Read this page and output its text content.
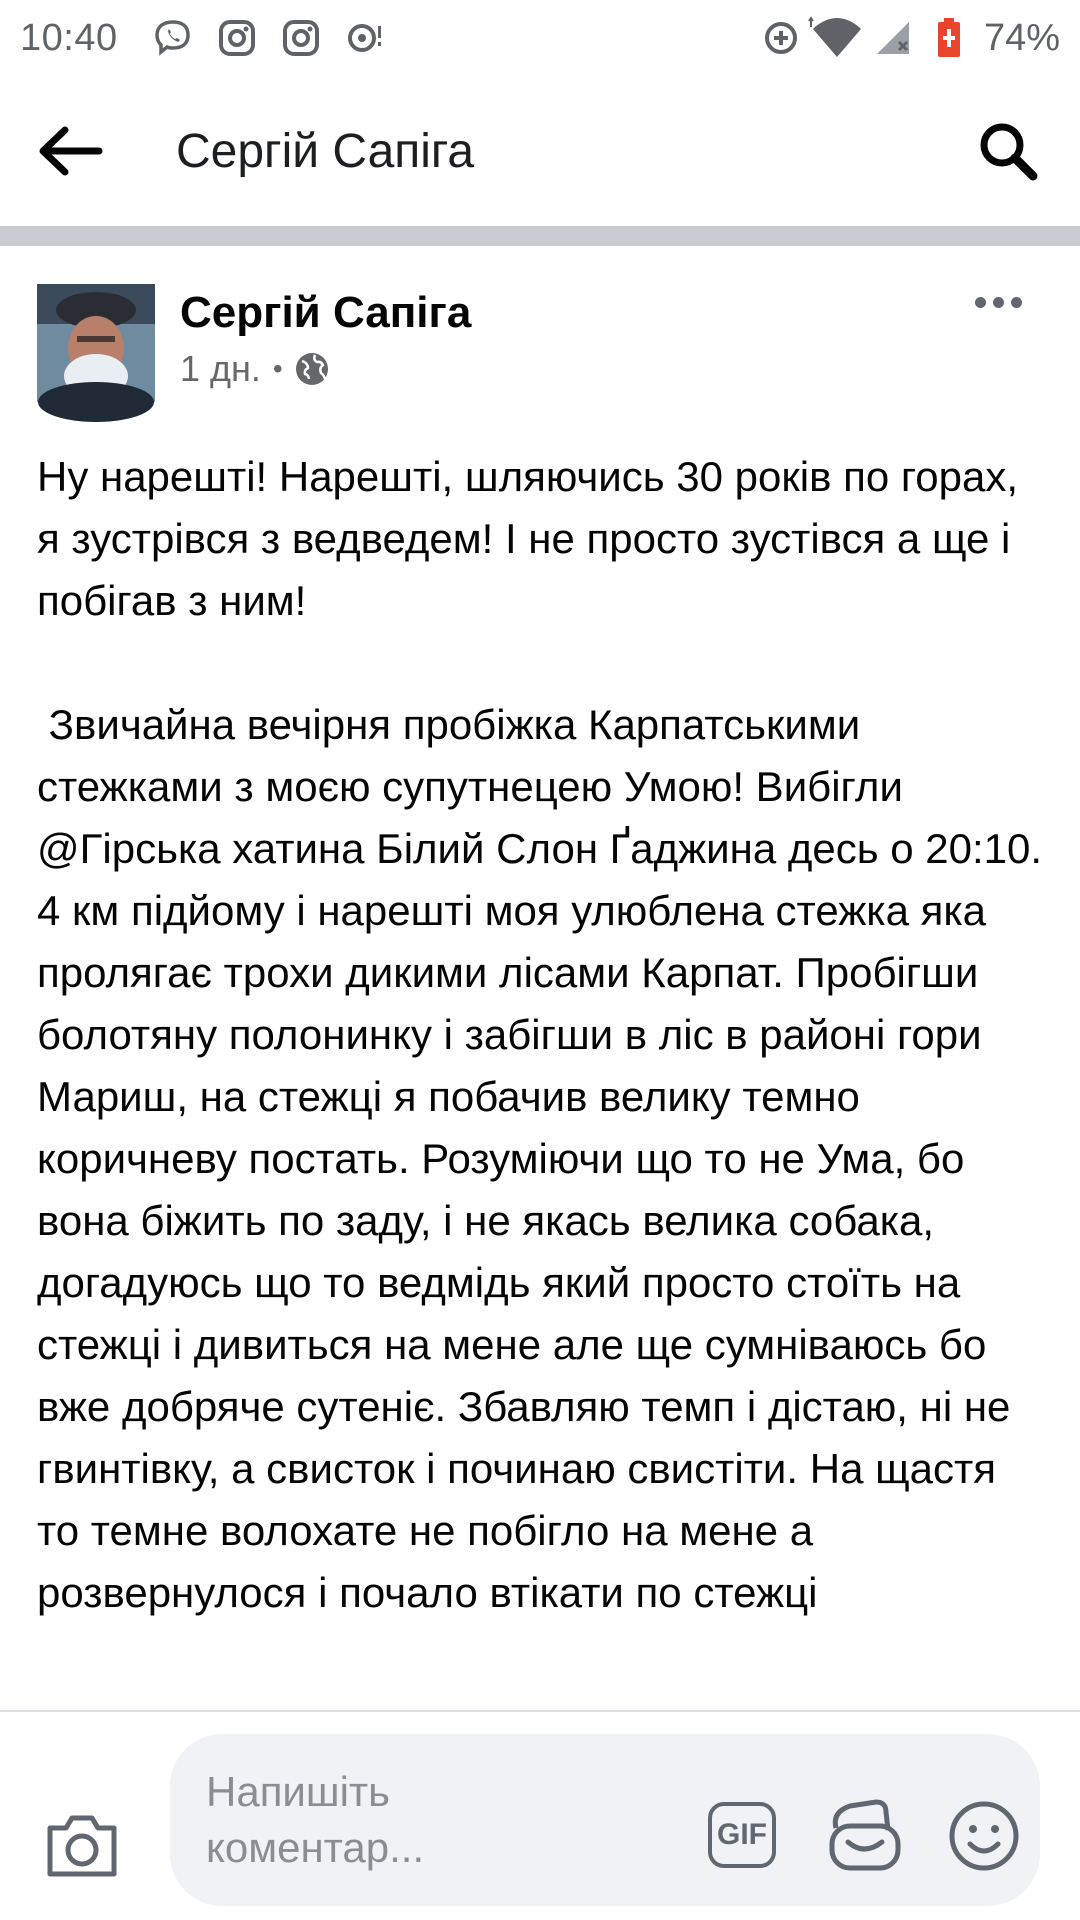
10:40	74%
Сергій Сапіга
Сергій Сапіга
1 дн. •

Ну нарешті! Нарешті, шляючись 30 років по горах, я зустрівся з ведведем! І не просто зустівся а ще і побігав з ним!

Звичайна вечірня пробіжка Карпатськими стежками з моєю супутнецею Умою! Вибігли @Гірська хатина Білий Слон Ґаджина десь о 20:10. 4 км підйому і нарешті моя улюблена стежка яка пролягає трохи дикими лісами Карпат. Пробігши болотяну полонинку і забігши в ліс в районі гори Мариш, на стежці я побачив велику темно коричневу постать. Розуміючи що то не Ума, бо вона біжить по заду, і не якась велика собака, догадуюсь що то ведмідь який просто стоїть на стежці і дивиться на мене але ще сумніваюсь бо вже добряче сутеніє. Збавляю темп і дістаю, ні не гвинтівку, а свисток і починаю свистіти. На щастя то темне волохате не побігло на мене а розвернулося і почало втікати по стежці

Напишіть коментар...	GIF
